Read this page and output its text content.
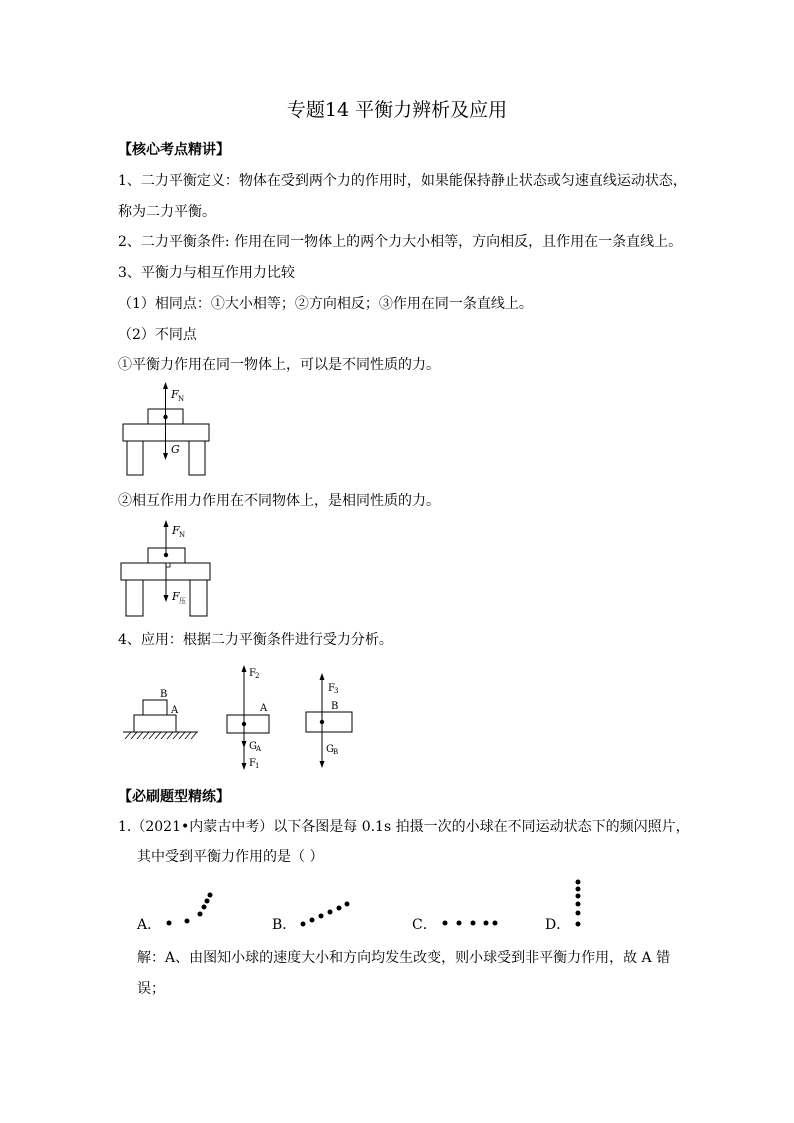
专题14 平衡力辨析及应用
【核心考点精讲】
1、二力平衡定义：物体在受到两个力的作用时，如果能保持静止状态或匀速直线运动状态，
称为二力平衡。
2、二力平衡条件: 作用在同一物体上的两个力大小相等，方向相反，且作用在一条直线上。
3、平衡力与相互作用力比较
（1）相同点：①大小相等；②方向相反；③作用在同一条直线上。
（2）不同点
①平衡力作用在同一物体上，可以是不同性质的力。
F N
G
②相互作用力作用在不同物体上，是相同性质的力。
F N
F 压
4、应用：根据二力平衡条件进行受力分析。
B
A
F 2
A
G A
F 1
F 3
B
G B
【必刷题型精练】
1.（2021•内蒙古中考）以下各图是每 0.1s 拍摄一次的小球在不同运动状态下的频闪照片，
其中受到平衡力作用的是（ ）
A．	B．	C．	D．
解：A、由图知小球的速度大小和方向均发生改变，则小球受到非平衡力作用，故 A 错
误；
